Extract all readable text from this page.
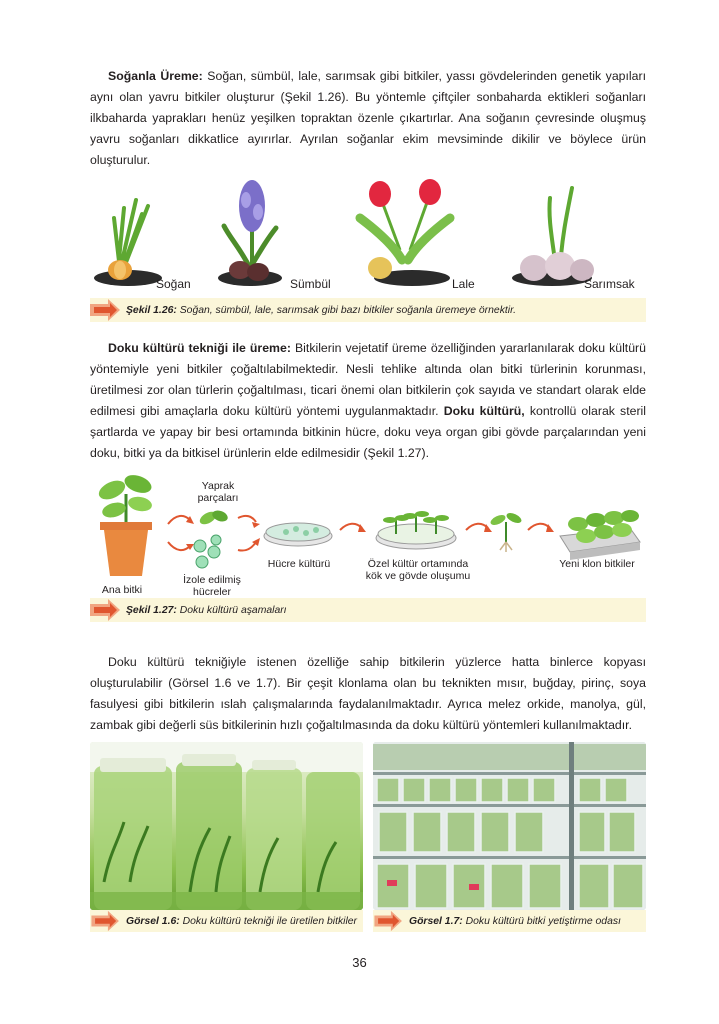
Soğanla Üreme: Soğan, sümbül, lale, sarımsak gibi bitkiler, yassı gövdelerinden genetik yapıları aynı olan yavru bitkiler oluşturur (Şekil 1.26). Bu yöntemle çiftçiler sonbaharda ektikleri soğanları ilkbaharda yaprakları henüz yeşilken topraktan özenle çıkartırlar. Ana soğanın çevresinde oluşmuş yavru soğanları dikkatlice ayırırlar. Ayrılan soğanlar ekim mevsiminde dikilir ve böylece ürün oluşturulur.

Soğan	Sümbül	Lale	Sarımsak
Şekil 1.26: Soğan, sümbül, lale, sarımsak gibi bazı bitkiler soğanla üremeye örnektir.

Doku kültürü tekniği ile üreme: Bitkilerin vejetatif üreme özelliğinden yararlanılarak doku kültürü yöntemiyle yeni bitkiler çoğaltılabilmektedir. Nesli tehlike altında olan bitki türlerinin korunması, üretilmesi zor olan türlerin çoğaltılması, ticari önemi olan bitkilerin çok sayıda ve standart olarak elde edilmesi gibi amaçlarla doku kültürü yöntemi uygulanmaktadır. Doku kültürü, kontrollü olarak steril şartlarda ve yapay bir besi ortamında bitkinin hücre, doku veya organ gibi gövde parçalarından yeni doku, bitki ya da bitkisel ürünlerin elde edilmesidir (Şekil 1.27).

Yaprak
parçaları
Hücre kültürü	Özel kültür ortamında
kök ve gövde oluşumu
Yeni klon bitkiler
İzole edilmiş
hücreler
Ana bitki
Şekil 1.27: Doku kültürü aşamaları

Doku kültürü tekniğiyle istenen özelliğe sahip bitkilerin yüzlerce hatta binlerce kopyası oluşturulabilir (Görsel 1.6 ve 1.7). Bir çeşit klonlama olan bu teknikten mısır, buğday, pirinç, soya fasulyesi gibi bitkilerin ıslah çalışmalarında faydalanılmaktadır. Ayrıca melez orkide, manolya, gül, zambak gibi değerli süs bitkilerinin hızlı çoğaltılmasında da doku kültürü yöntemleri kullanılmaktadır.

Görsel 1.6: Doku kültürü tekniği ile üretilen bitkiler	Görsel 1.7: Doku kültürü bitki yetiştirme odası
36
